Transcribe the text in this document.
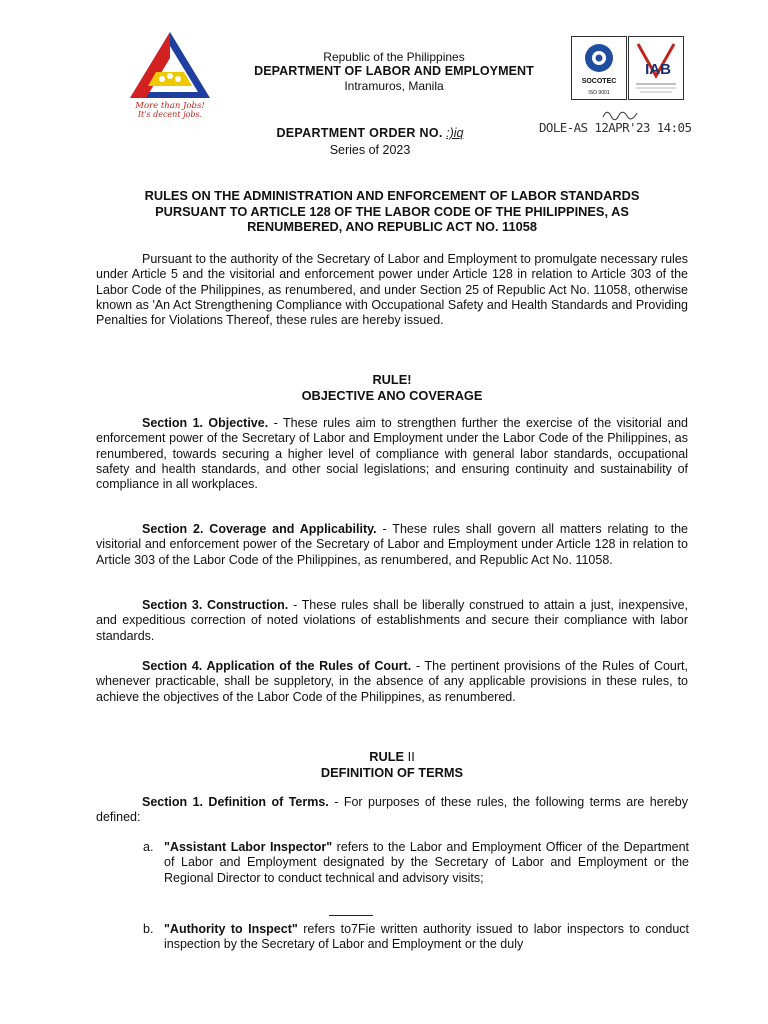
More than Jobs!
It's decent jobs.
Republic of the Philippines
DEPARTMENT OF LABOR AND EMPLOYMENT
Intramuros, Manila	SOCOTEC
ISO 9001
IAB
DEPARTMENT ORDER NO. :)iq
Series of 2023
DOLE-AS 12APR'23 14:05
RULES ON THE ADMINISTRATION AND ENFORCEMENT OF LABOR STANDARDS
PURSUANT TO ARTICLE 128 OF THE LABOR CODE OF THE PHILIPPINES, AS
RENUMBERED, ANO REPUBLIC ACT NO. 11058
Pursuant to the authority of the Secretary of Labor and Employment to promulgate necessary rules under Article 5 and the visitorial and enforcement power under Article 128 in relation to Article 303 of the Labor Code of the Philippines, as renumbered, and under Section 25 of Republic Act No. 11058, otherwise known as 'An Act Strengthening Compliance with Occupational Safety and Health Standards and Providing Penalties for Violations Thereof, these rules are hereby issued.
RULE!
OBJECTIVE ANO COVERAGE
Section 1. Objective. - These rules aim to strengthen further the exercise of the visitorial and enforcement power of the Secretary of Labor and Employment under the Labor Code of the Philippines, as renumbered, towards securing a higher level of compliance with general labor standards, occupational safety and health standards, and other social legislations; and ensuring continuity and sustainability of compliance in all workplaces.
Section 2. Coverage and Applicability. - These rules shall govern all matters relating to the visitorial and enforcement power of the Secretary of Labor and Employment under Article 128 in relation to Article 303 of the Labor Code of the Philippines, as renumbered, and Republic Act No. 11058.
Section 3. Construction. - These rules shall be liberally construed to attain a just, inexpensive, and expeditious correction of noted violations of establishments and secure their compliance with labor standards.
Section 4. Application of the Rules of Court. - The pertinent provisions of the Rules of Court, whenever practicable, shall be suppletory, in the absence of any applicable provisions in these rules, to achieve the objectives of the Labor Code of the Philippines, as renumbered.
RULE II
DEFINITION OF TERMS
Section 1. Definition of Terms. - For purposes of these rules, the following terms are hereby defined:
a. "Assistant Labor Inspector" refers to the Labor and Employment Officer of the Department of Labor and Employment designated by the Secretary of Labor and Employment or the Regional Director to conduct technical and advisory visits;
b. "Authority to Inspect" refers to7Fie written authority issued to labor inspectors to conduct inspection by the Secretary of Labor and Employment or the duly
